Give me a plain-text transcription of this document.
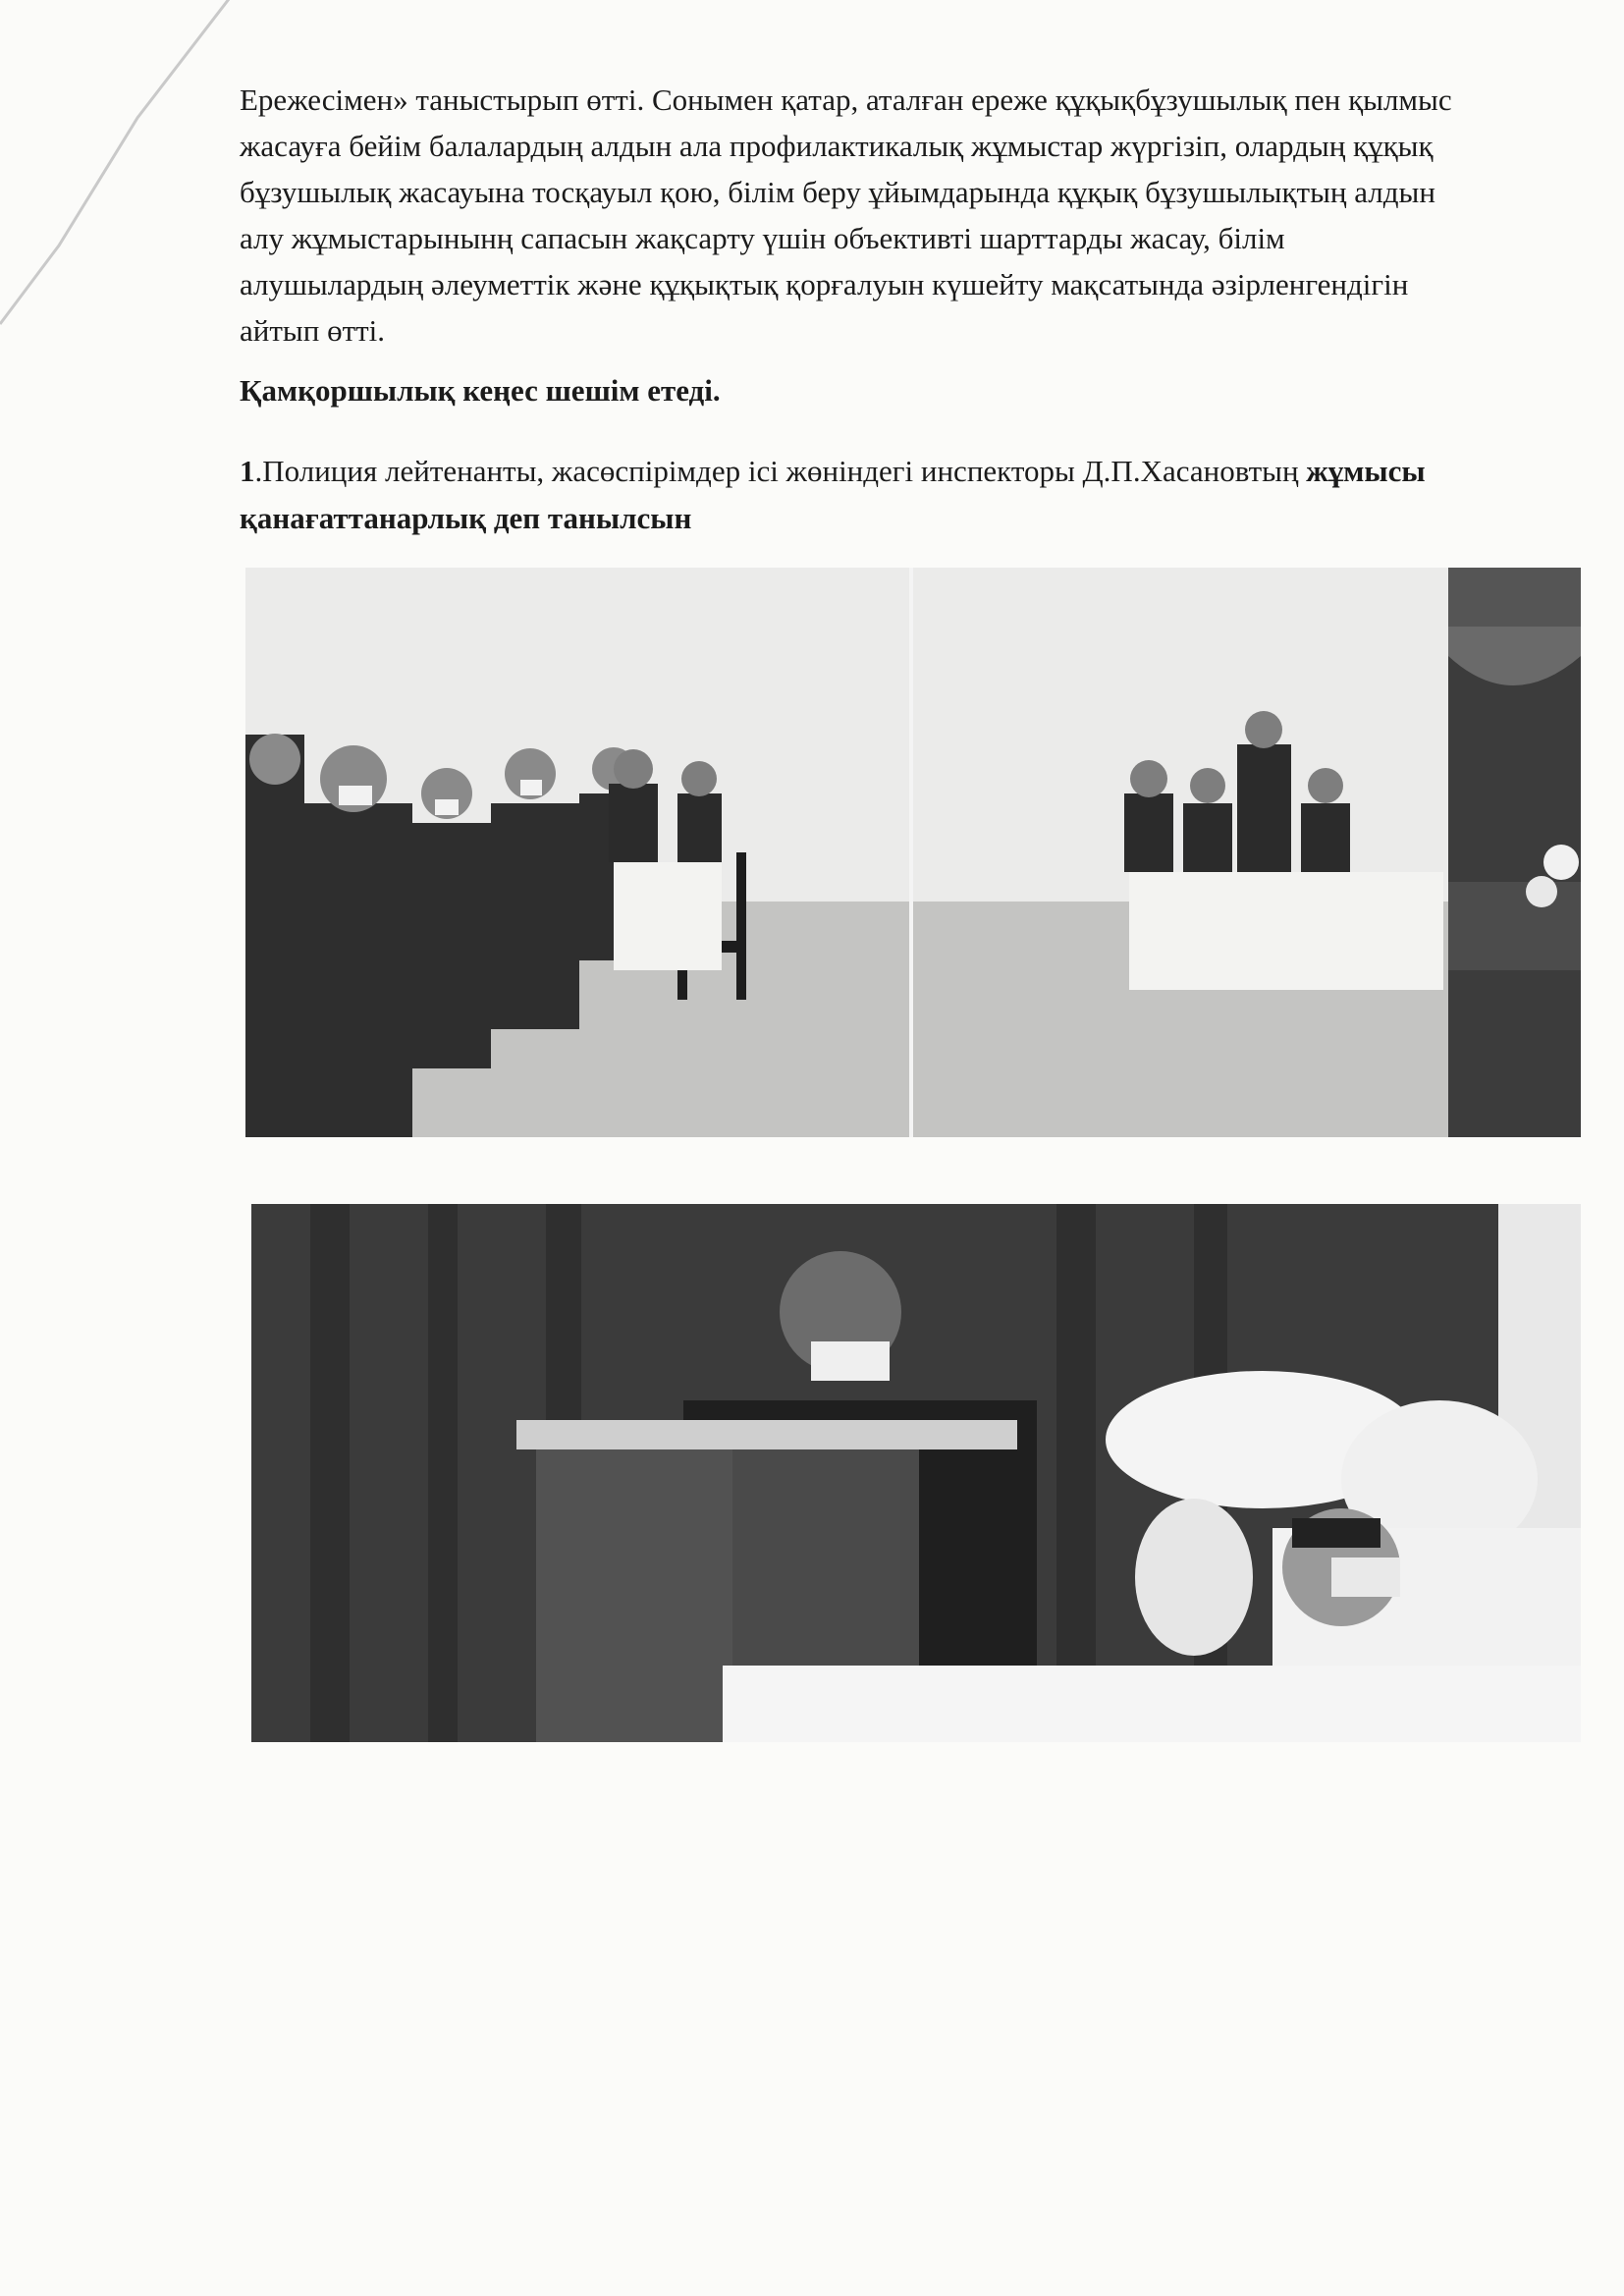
Ережесімен» таныстырып өтті. Сонымен қатар, аталған ереже құқықбұзушылық пен қылмыс

жасауға бейім балалардың алдын ала профилактикалық жұмыстар жүргізіп, олардың құқық

бұзушылық жасауына тосқауыл қою, білім беру ұйымдарында құқық бұзушылықтың алдын

алу жұмыстарынынң сапасын жақсарту үшін объективті шарттарды жасау, білім

алушылардың әлеуметтік және құқықтық қорғалуын күшейту мақсатында әзірленгендігін

айтып өтті.

Қамқоршылық кеңес шешім етеді.

1.Полиция лейтенанты, жасөспірімдер ісі жөніндегі инспекторы Д.П.Хасановтың жұмысы қанағаттанарлық деп танылсын
